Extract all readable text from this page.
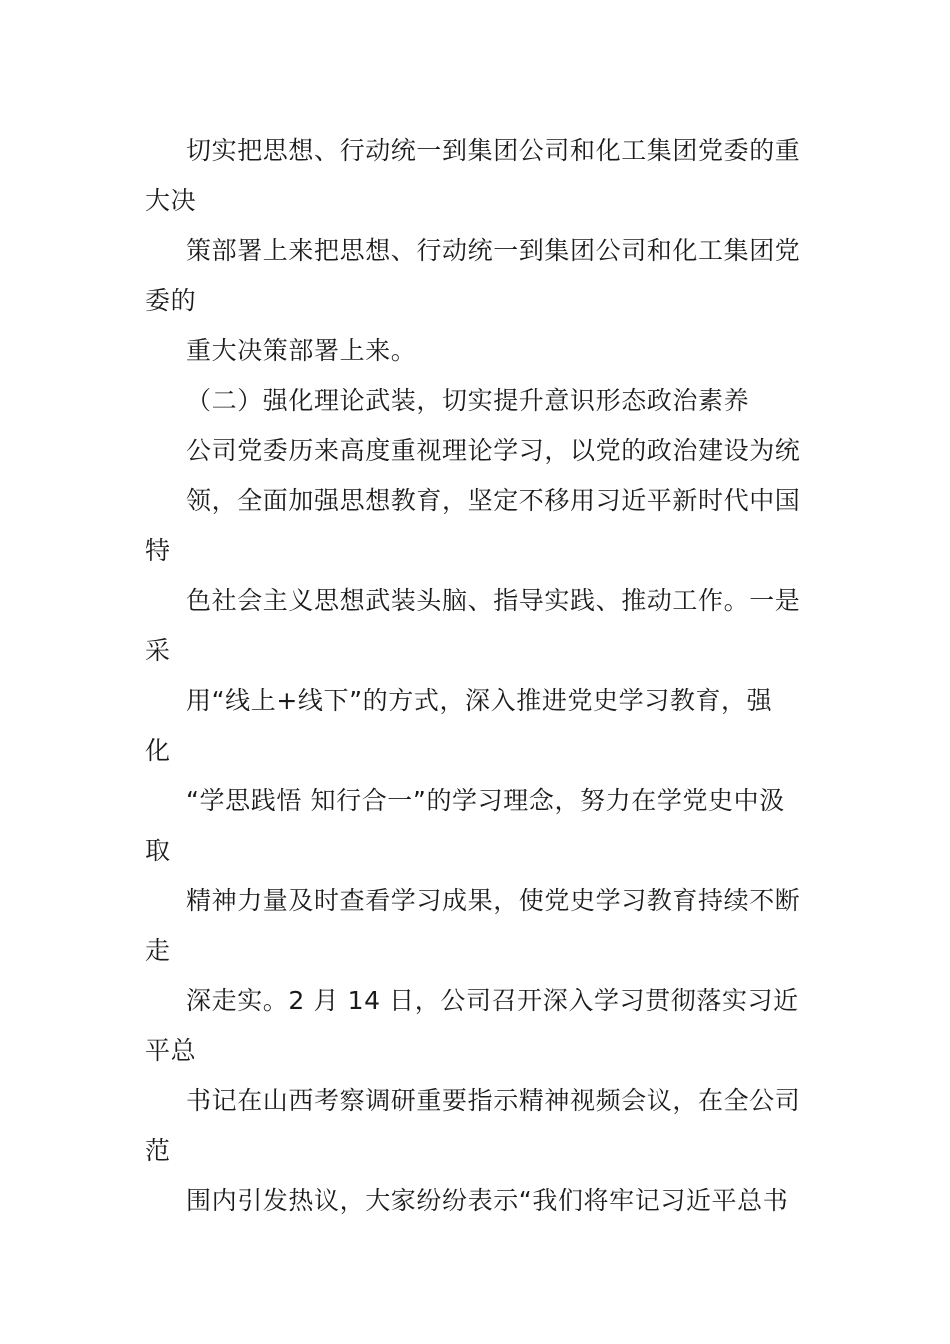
切实把思想、行动统一到集团公司和化工集团党委的重
大决
策部署上来把思想、行动统一到集团公司和化工集团党
委的
重大决策部署上来。
（二）强化理论武装，切实提升意识形态政治素养
公司党委历来高度重视理论学习，以党的政治建设为统
领，全面加强思想教育，坚定不移用习近平新时代中国
特
色社会主义思想武装头脑、指导实践、推动工作。一是
采
用“线上+线下”的方式，深入推进党史学习教育，强
化
“学思践悟 知行合一”的学习理念，努力在学党史中汲
取
精神力量及时查看学习成果，使党史学习教育持续不断
走
深走实。2 月 14 日，公司召开深入学习贯彻落实习近
平总
书记在山西考察调研重要指示精神视频会议，在全公司
范
围内引发热议，大家纷纷表示“我们将牢记习近平总书
